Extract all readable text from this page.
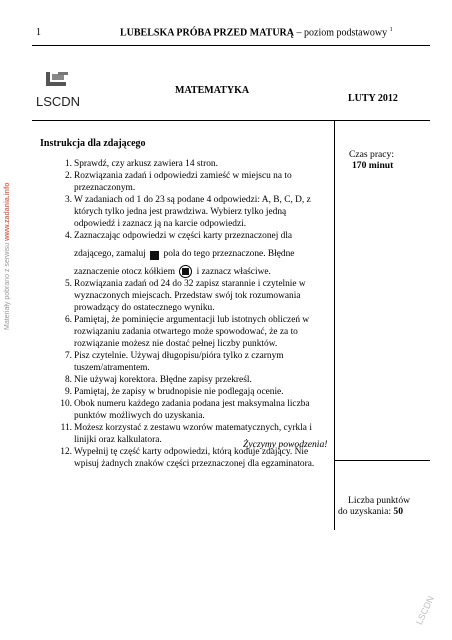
1	LUBELSKA PRÓBA PRZED MATURĄ – poziom podstawowy $^1$
LSCDN
MATEMATYKA
LUTY 2012
Instrukcja dla zdającego
1. Sprawdź, czy arkusz zawiera 14 stron.
2. Rozwiązania zadań i odpowiedzi zamieść w miejscu na to przeznaczonym.
3. W zadaniach od 1 do 23 są podane 4 odpowiedzi: A, B, C, D, z których tylko jedna jest prawdziwa. Wybierz tylko jedną odpowiedź i zaznacz ją na karcie odpowiedzi.
4. Zaznaczając odpowiedzi w części karty przeznaczonej dla
zdającego, zamaluj

pola do tego przeznaczone. Błędne
zaznaczenie otocz kółkiem

i zaznacz właściwe.
5. Rozwiązania zadań od 24 do 32 zapisz starannie i czytelnie w wyznaczonych miejscach. Przedstaw swój tok rozumowania prowadzący do ostatecznego wyniku.
6. Pamiętaj, że pominięcie argumentacji lub istotnych obliczeń w rozwiązaniu zadania otwartego może spowodować, że za to rozwiązanie możesz nie dostać pełnej liczby punktów.
7. Pisz czytelnie. Używaj długopisu/pióra tylko z czarnym tuszem/atramentem.
8. Nie używaj korektora. Błędne zapisy przekreśl.
9. Pamiętaj, że zapisy w brudnopisie nie podlegają ocenie.
10. Obok numeru każdego zadania podana jest maksymalna liczba punktów możliwych do uzyskania.
11. Możesz korzystać z zestawu wzorów matematycznych, cyrkla i linijki oraz kalkulatora.
12. Wypełnij tę część karty odpowiedzi, którą koduje zdający. Nie wpisuj żadnych znaków części przeznaczonej dla egzaminatora.
Życzymy powodzenia!
Czas pracy:
170 minut
Liczba punktów
do uzyskania: 50
Materiały pobrano z serwisu www.zadania.info
LSCDN
